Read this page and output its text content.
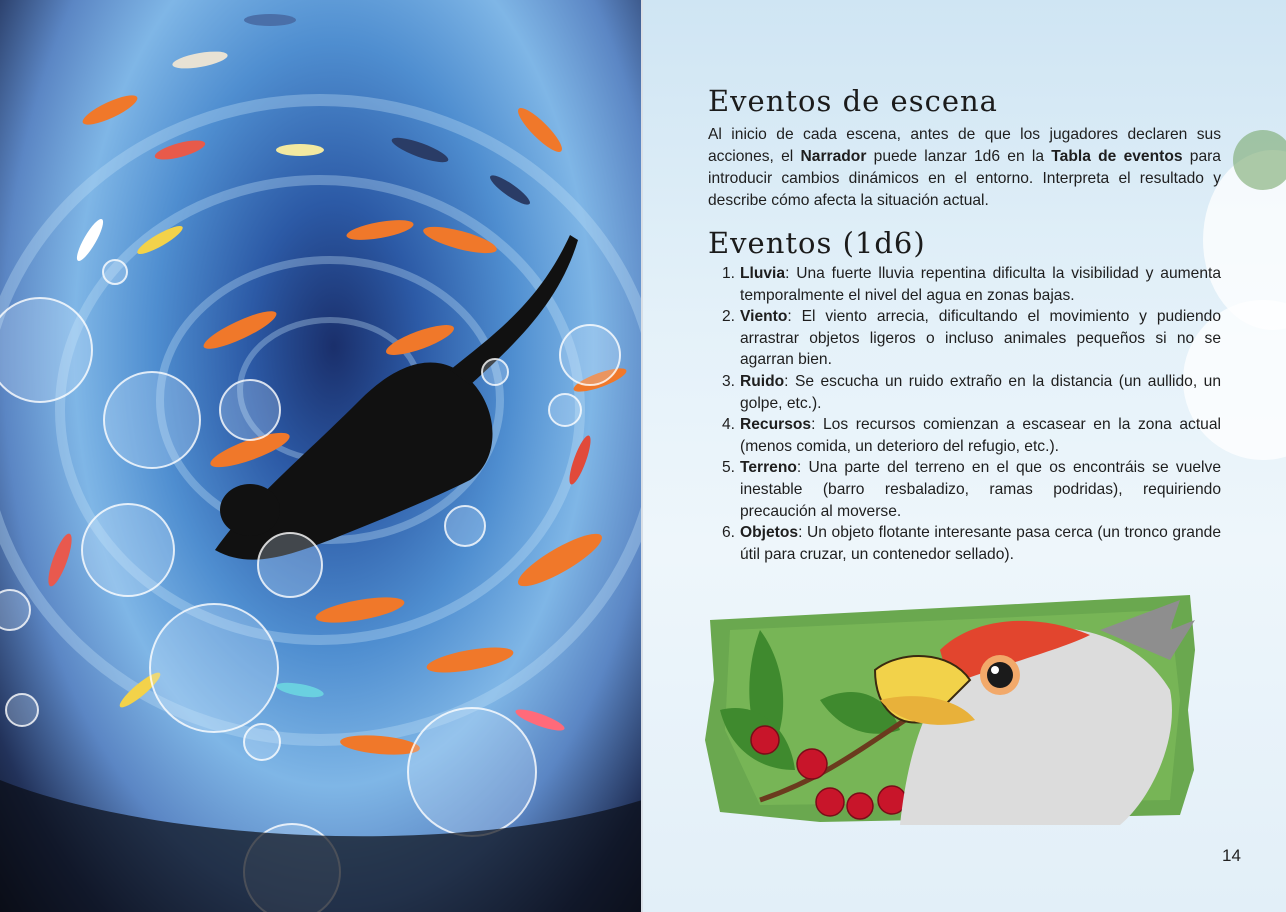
Eventos de escena

Al inicio de cada escena, antes de que los jugadores declaren sus acciones, el Narrador puede lanzar 1d6 en la Tabla de eventos para introducir cambios dinámicos en el entorno. Interpreta el resultado y describe cómo afecta la situación actual.

Eventos (1d6)
1. Lluvia: Una fuerte lluvia repentina dificulta la visibilidad y aumenta temporalmente el nivel del agua en zonas bajas.
2. Viento: El viento arrecia, dificultando el movimiento y pudiendo arrastrar objetos ligeros o incluso animales pequeños si no se agarran bien.
3. Ruido: Se escucha un ruido extraño en la distancia (un aullido, un golpe, etc.).
4. Recursos: Los recursos comienzan a escasear en la zona actual (menos comida, un deterioro del refugio, etc.).
5. Terreno: Una parte del terreno en el que os encontráis se vuelve inestable (barro resbaladizo, ramas podridas), requiriendo precaución al moverse.
6. Objetos: Un objeto flotante interesante pasa cerca (un tronco grande útil para cruzar, un contenedor sellado).
14
